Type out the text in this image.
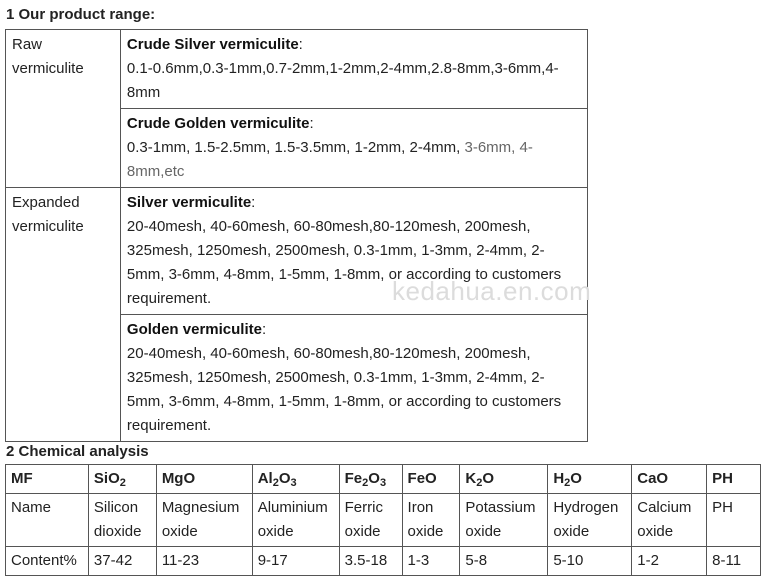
1 Our product range:
Raw vermiculite	Crude Silver vermiculite:
0.1-0.6mm,0.3-1mm,0.7-2mm,1-2mm,2-4mm,2.8-8mm,3-6mm,4-8mm
	Crude Golden vermiculite:
0.3-1mm, 1.5-2.5mm, 1.5-3.5mm, 1-2mm, 2-4mm, 3-6mm, 4-8mm,etc
Expanded vermiculite	Silver vermiculite:
20-40mesh, 40-60mesh, 60-80mesh,80-120mesh, 200mesh, 325mesh, 1250mesh, 2500mesh, 0.3-1mm, 1-3mm, 2-4mm, 2-5mm, 3-6mm, 4-8mm, 1-5mm, 1-8mm, or according to customers requirement.
	Golden vermiculite:
20-40mesh, 40-60mesh, 60-80mesh,80-120mesh, 200mesh, 325mesh, 1250mesh, 2500mesh, 0.3-1mm, 1-3mm, 2-4mm, 2-5mm, 3-6mm, 4-8mm, 1-5mm, 1-8mm, or according to customers requirement.
kedahua.en.com
2 Chemical analysis
MF	SiO$_2$	MgO	$Al_2O_3$	$Fe_2O_3$	FeO	$K_2O$	$H_2O$	CaO	PH
Name	Silicon dioxide	Magnesium oxide	Aluminium oxide	Ferric oxide	Iron oxide	Potassium oxide	Hydrogen oxide	Calcium oxide	PH
Content%	37-42	11-23	9-17	3.5-18	1-3	5-8	5-10	1-2	8-11
